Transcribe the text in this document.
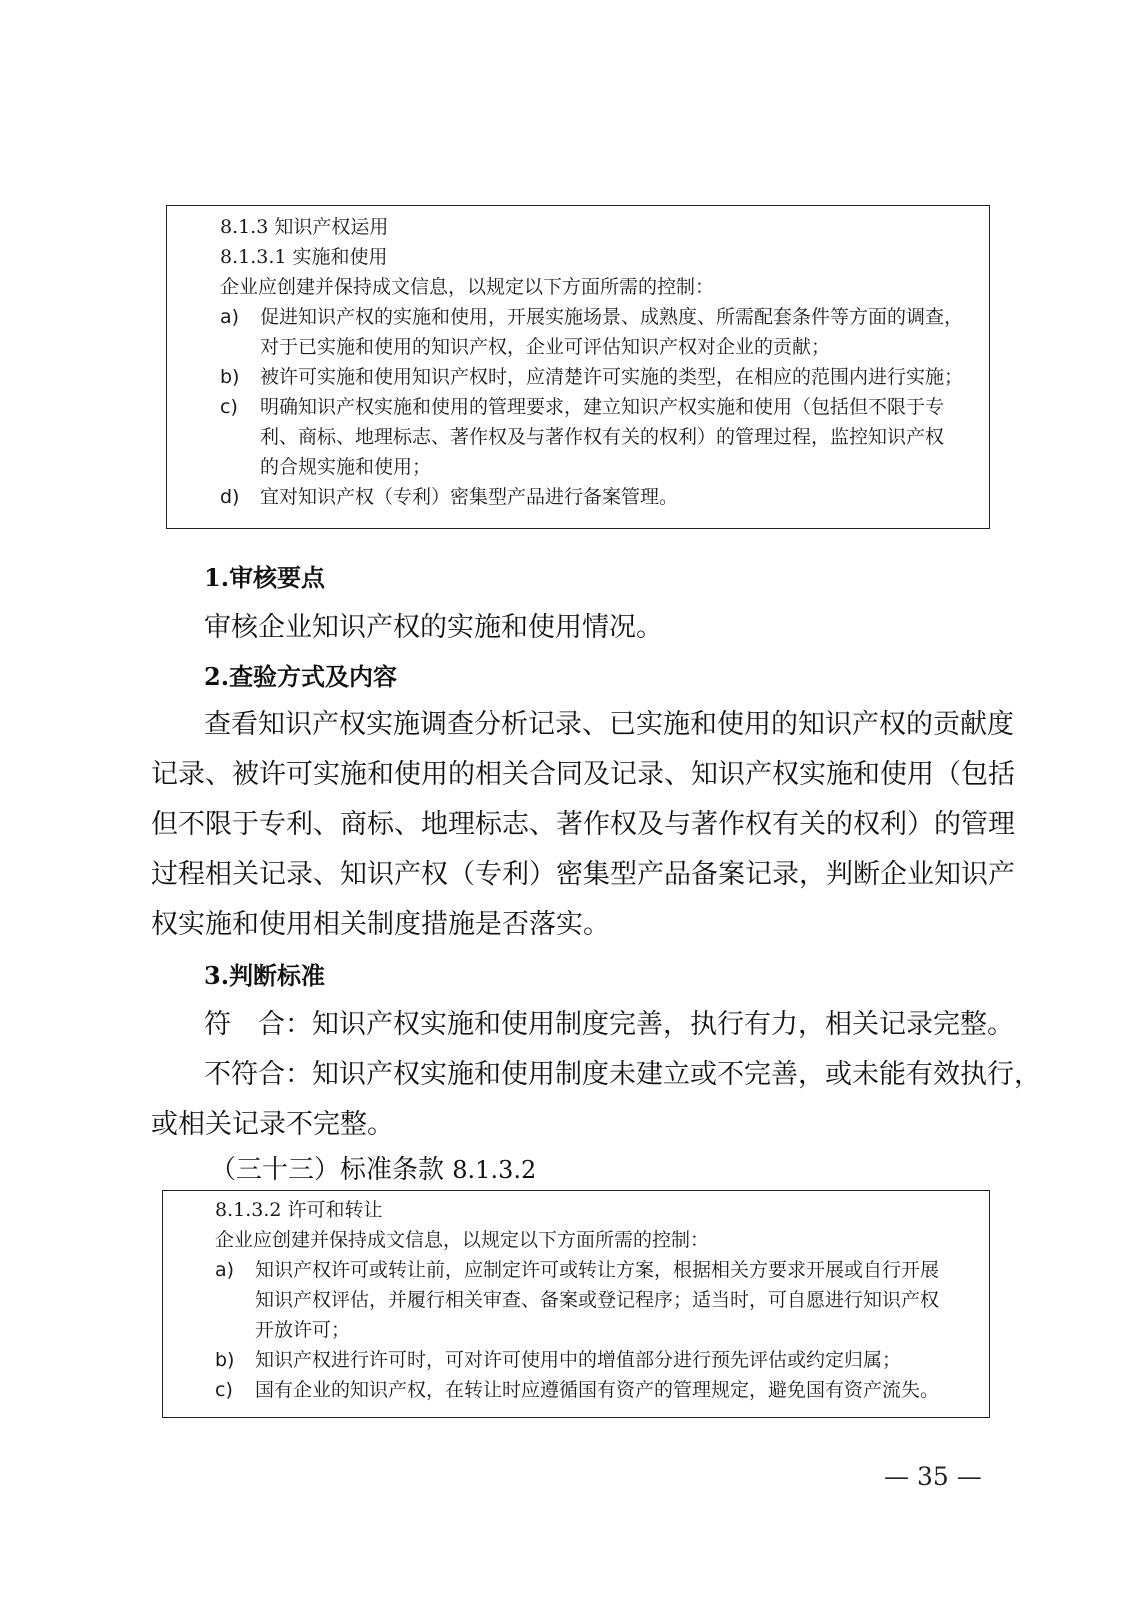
8.1.3 知识产权运用
8.1.3.1 实施和使用
企业应创建并保持成文信息，以规定以下方面所需的控制：
a) 促进知识产权的实施和使用，开展实施场景、成熟度、所需配套条件等方面的调查，
对于已实施和使用的知识产权，企业可评估知识产权对企业的贡献；
b) 被许可实施和使用知识产权时，应清楚许可实施的类型，在相应的范围内进行实施；
c) 明确知识产权实施和使用的管理要求，建立知识产权实施和使用（包括但不限于专
利、商标、地理标志、著作权及与著作权有关的权利）的管理过程，监控知识产权
的合规实施和使用；
d) 宜对知识产权（专利）密集型产品进行备案管理。
1.审核要点
审核企业知识产权的实施和使用情况。
2.查验方式及内容
查看知识产权实施调查分析记录、已实施和使用的知识产权的贡献度
记录、被许可实施和使用的相关合同及记录、知识产权实施和使用（包括
但不限于专利、商标、地理标志、著作权及与著作权有关的权利）的管理
过程相关记录、知识产权（专利）密集型产品备案记录，判断企业知识产
权实施和使用相关制度措施是否落实。
3.判断标准
符　合：知识产权实施和使用制度完善，执行有力，相关记录完整。
不符合：知识产权实施和使用制度未建立或不完善，或未能有效执行，
或相关记录不完整。
（三十三）标准条款 8.1.3.2
8.1.3.2 许可和转让
企业应创建并保持成文信息，以规定以下方面所需的控制：
a) 知识产权许可或转让前，应制定许可或转让方案，根据相关方要求开展或自行开展
知识产权评估，并履行相关审查、备案或登记程序；适当时，可自愿进行知识产权
开放许可；
b) 知识产权进行许可时，可对许可使用中的增值部分进行预先评估或约定归属；
c) 国有企业的知识产权，在转让时应遵循国有资产的管理规定，避免国有资产流失。
— 35 —
